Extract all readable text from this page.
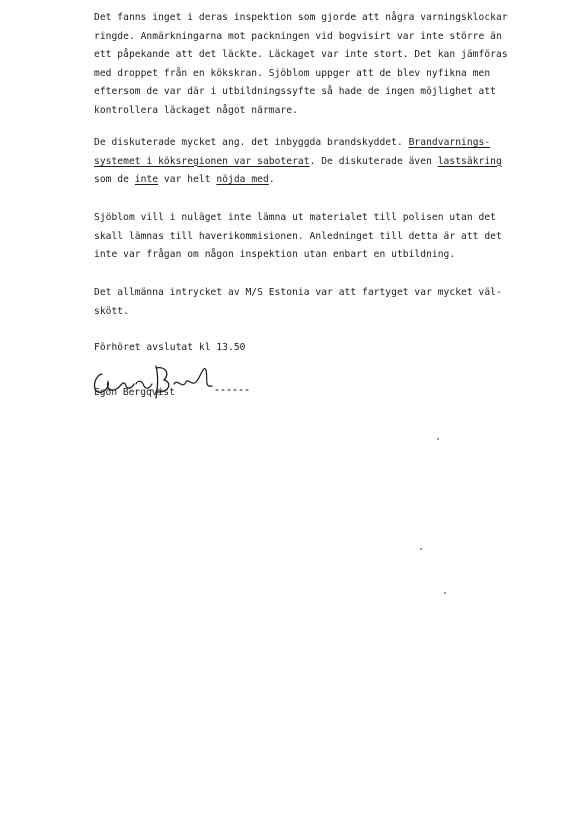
Det fanns inget i deras inspektion som gjorde att några varningsklockar
ringde. Anmärkningarna mot packningen vid bogvisirt var inte större än
ett påpekande att det läckte. Läckaget var inte stort. Det kan jämföras
med droppet från en kökskran. Sjöblom uppger att de blev nyfikna men
eftersom de var där i utbildningssyfte så hade de ingen möjlighet att
kontrollera läckaget något närmare.
De diskuterade mycket ang. det inbyggda brandskyddet. Brandvarnings-
systemet i köksregionen var saboterat. De diskuterade även lastsäkring
som de inte var helt nöjda med.
Sjöblom vill i nuläget inte lämna ut materialet till polisen utan det
skall lämnas till haverikommisionen. Anledninget till detta är att det
inte var frågan om någon inspektion utan enbart en utbildning.
Det allmänna intrycket av M/S Estonia var att fartyget var mycket väl-
skött.
Förhöret avslutat kl 13.50
Egon Bergqvist
